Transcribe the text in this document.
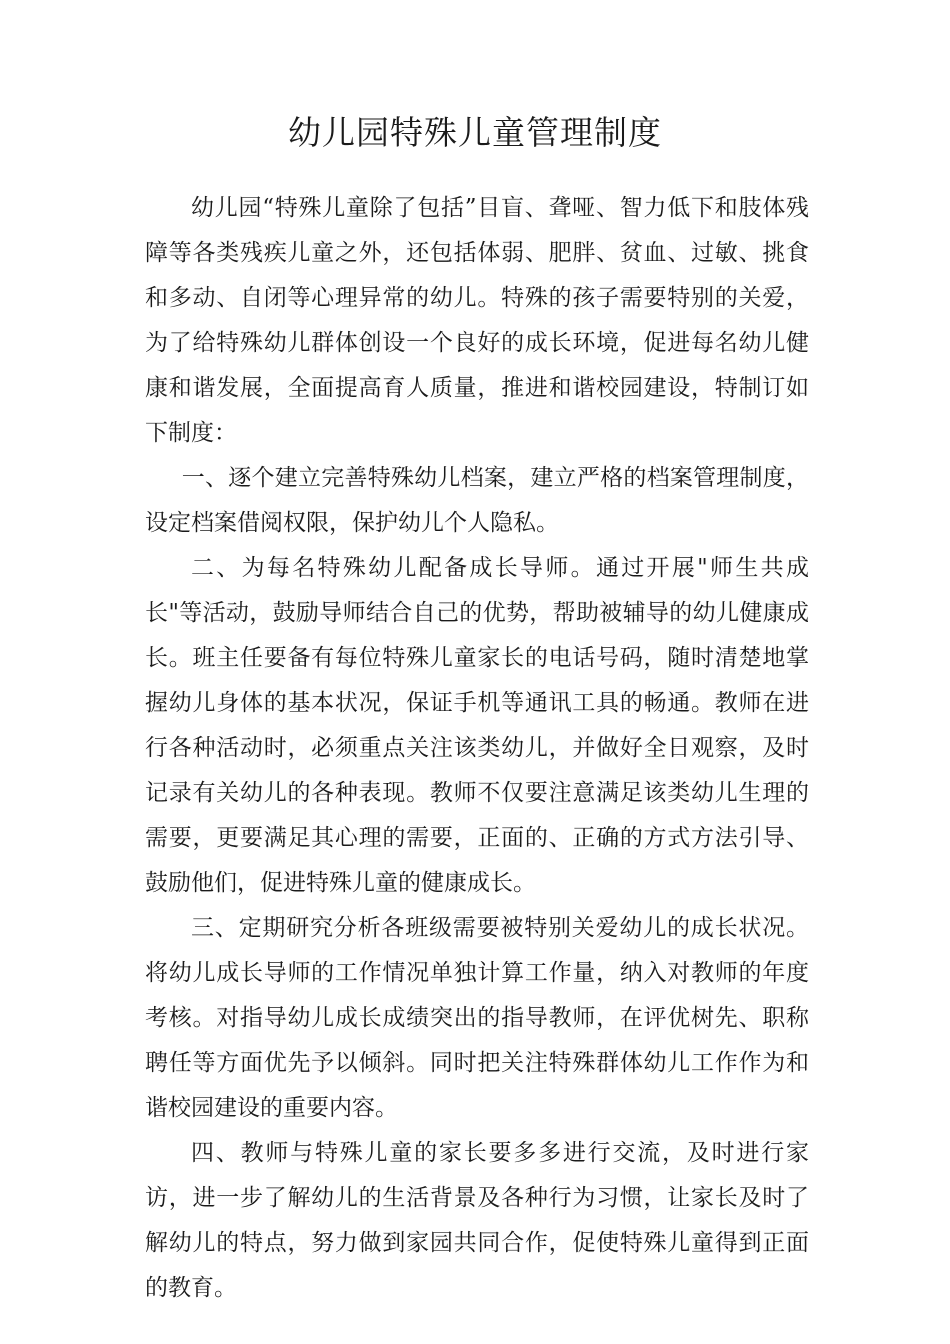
幼儿园特殊儿童管理制度

幼儿园“特殊儿童除了包括”目盲、聋哑、智力低下和肢体残障等各类残疾儿童之外，还包括体弱、肥胖、贫血、过敏、挑食和多动、自闭等心理异常的幼儿。特殊的孩子需要特别的关爱，为了给特殊幼儿群体创设一个良好的成长环境，促进每名幼儿健康和谐发展，全面提高育人质量，推进和谐校园建设，特制订如下制度：

一、逐个建立完善特殊幼儿档案，建立严格的档案管理制度，设定档案借阅权限，保护幼儿个人隐私。

二、为每名特殊幼儿配备成长导师。通过开展"师生共成长"等活动，鼓励导师结合自己的优势，帮助被辅导的幼儿健康成长。班主任要备有每位特殊儿童家长的电话号码，随时清楚地掌握幼儿身体的基本状况，保证手机等通讯工具的畅通。教师在进行各种活动时，必须重点关注该类幼儿，并做好全日观察，及时记录有关幼儿的各种表现。教师不仅要注意满足该类幼儿生理的需要，更要满足其心理的需要，正面的、正确的方式方法引导、鼓励他们，促进特殊儿童的健康成长。

三、定期研究分析各班级需要被特别关爱幼儿的成长状况。将幼儿成长导师的工作情况单独计算工作量，纳入对教师的年度考核。对指导幼儿成长成绩突出的指导教师，在评优树先、职称聘任等方面优先予以倾斜。同时把关注特殊群体幼儿工作作为和谐校园建设的重要内容。

四、教师与特殊儿童的家长要多多进行交流，及时进行家访，进一步了解幼儿的生活背景及各种行为习惯，让家长及时了解幼儿的特点，努力做到家园共同合作，促使特殊儿童得到正面的教育。
